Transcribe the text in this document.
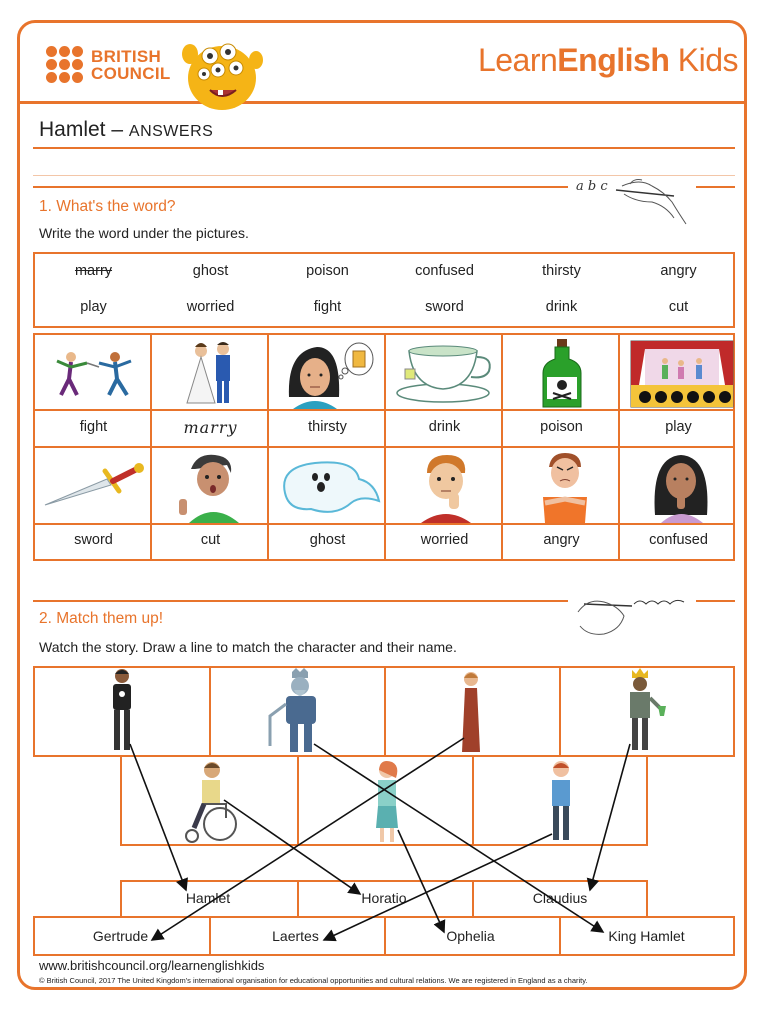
BRITISH
COUNCIL	LearnEnglish Kids
Hamlet – ANSWERS
a b c
1. What's the word?
Write the word under the pictures.
marry	ghost	poison	confused	thirsty	angry
play	worried	fight	sword	drink	cut
fight	marry	thirsty	drink	poison	play
sword	cut	ghost	worried	angry	confused
2. Match them up!
Watch the story. Draw a line to match the character and their name.
Hamlet	Horatio	Claudius
Gertrude	Laertes	Ophelia	King Hamlet
www.britishcouncil.org/learnenglishkids
© British Council, 2017 The United Kingdom's international organisation for educational opportunities and cultural relations. We are registered in England as a charity.
